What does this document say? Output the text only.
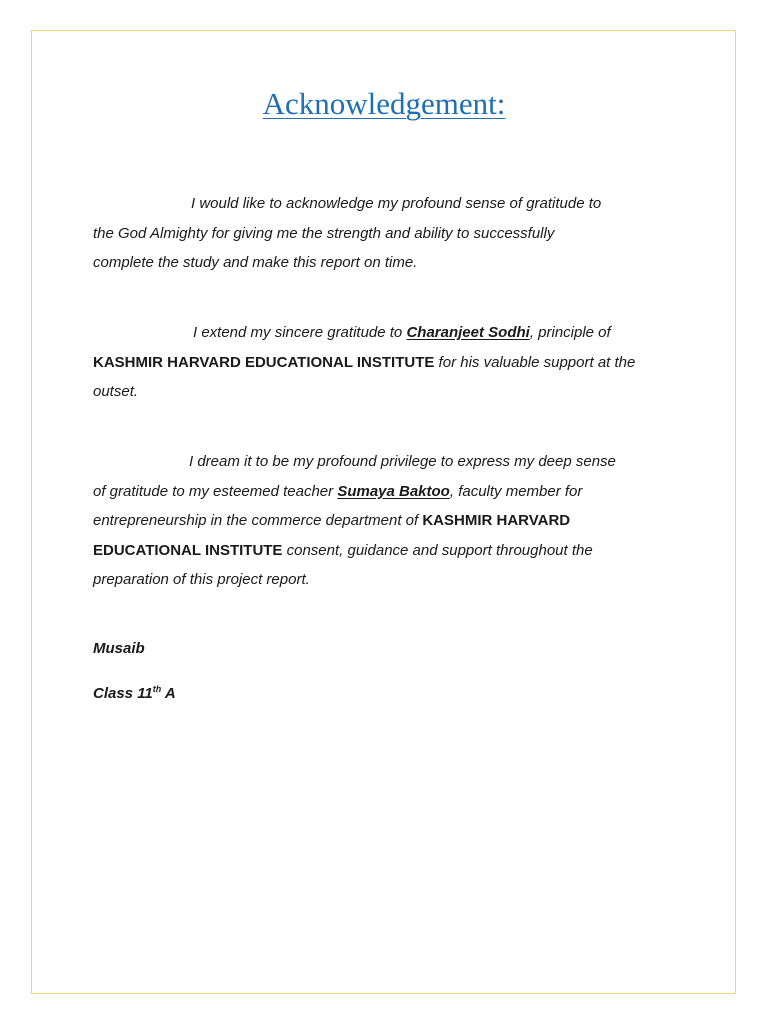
Acknowledgement:

I would like to acknowledge my profound sense of gratitude to
the God Almighty for giving me the strength and ability to successfully
complete the study and make this report on time.

I extend my sincere gratitude to Charanjeet Sodhi, principle of
KASHMIR HARVARD EDUCATIONAL INSTITUTE for his valuable support at the
outset.

I dream it to be my profound privilege to express my deep sense
of gratitude to my esteemed teacher Sumaya Baktoo, faculty member for
entrepreneurship in the commerce department of KASHMIR HARVARD
EDUCATIONAL INSTITUTE consent, guidance and support throughout the
preparation of this project report.

Musaib

Class 11th A
